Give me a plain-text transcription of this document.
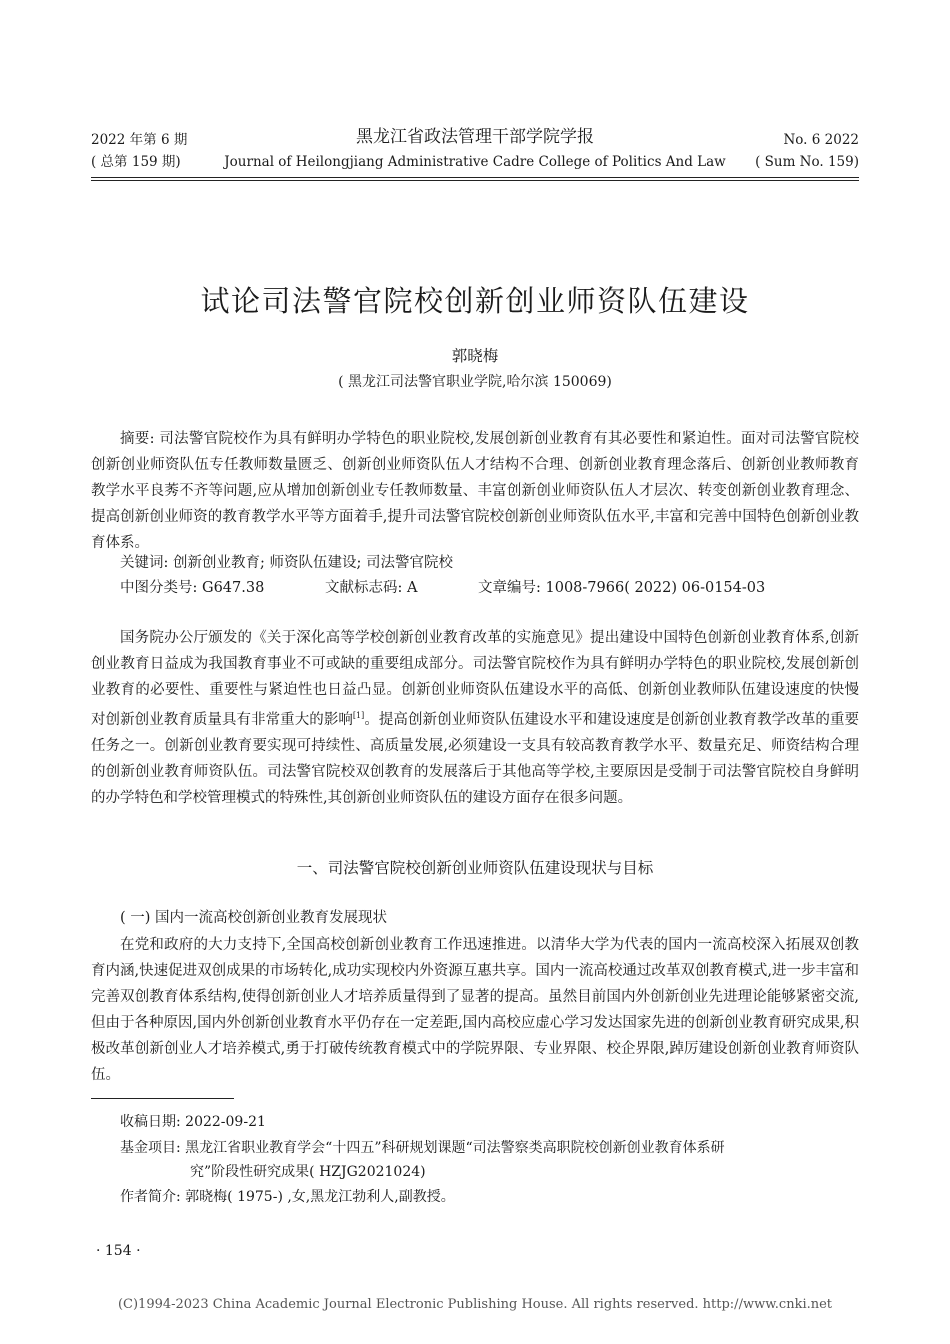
2022 年第 6 期
( 总第 159 期)
黑龙江省政法管理干部学院学报
Journal of Heilongjiang Administrative Cadre College of Politics And Law
No. 6 2022
( Sum No. 159)
试论司法警官院校创新创业师资队伍建设
郭晓梅
( 黑龙江司法警官职业学院,哈尔滨 150069)

摘要: 司法警官院校作为具有鲜明办学特色的职业院校,发展创新创业教育有其必要性和紧迫性。面对司法警官院校创新创业师资队伍专任教师数量匮乏、创新创业师资队伍人才结构不合理、创新创业教育理念落后、创新创业教师教育教学水平良莠不齐等问题,应从增加创新创业专任教师数量、丰富创新创业师资队伍人才层次、转变创新创业教育理念、提高创新创业师资的教育教学水平等方面着手,提升司法警官院校创新创业师资队伍水平,丰富和完善中国特色创新创业教育体系。

关键词: 创新创业教育; 师资队伍建设; 司法警官院校
中图分类号: G647.38	文献标志码: A	文章编号: 1008-7966( 2022) 06-0154-03

国务院办公厅颁发的《关于深化高等学校创新创业教育改革的实施意见》提出建设中国特色创新创业教育体系,创新创业教育日益成为我国教育事业不可或缺的重要组成部分。司法警官院校作为具有鲜明办学特色的职业院校,发展创新创业教育的必要性、重要性与紧迫性也日益凸显。创新创业师资队伍建设水平的高低、创新创业教师队伍建设速度的快慢对创新创业教育质量具有非常重大的影响[1]。提高创新创业师资队伍建设水平和建设速度是创新创业教育教学改革的重要任务之一。创新创业教育要实现可持续性、高质量发展,必须建设一支具有较高教育教学水平、数量充足、师资结构合理的创新创业教育师资队伍。司法警官院校双创教育的发展落后于其他高等学校,主要原因是受制于司法警官院校自身鲜明的办学特色和学校管理模式的特殊性,其创新创业师资队伍的建设方面存在很多问题。

一、司法警官院校创新创业师资队伍建设现状与目标
( 一) 国内一流高校创新创业教育发展现状

在党和政府的大力支持下,全国高校创新创业教育工作迅速推进。以清华大学为代表的国内一流高校深入拓展双创教育内涵,快速促进双创成果的市场转化,成功实现校内外资源互惠共享。国内一流高校通过改革双创教育模式,进一步丰富和完善双创教育体系结构,使得创新创业人才培养质量得到了显著的提高。虽然目前国内外创新创业先进理论能够紧密交流,但由于各种原因,国内外创新创业教育水平仍存在一定差距,国内高校应虚心学习发达国家先进的创新创业教育研究成果,积极改革创新创业人才培养模式,勇于打破传统教育模式中的学院界限、专业界限、校企界限,踔厉建设创新创业教育师资队伍。

收稿日期: 2022-09-21
基金项目: 黑龙江省职业教育学会“十四五”科研规划课题“司法警察类高职院校创新创业教育体系研
究”阶段性研究成果( HZJG2021024)
作者简介: 郭晓梅( 1975-) ,女,黑龙江勃利人,副教授。
· 154 ·
(C)1994-2023 China Academic Journal Electronic Publishing House. All rights reserved. http://www.cnki.net
